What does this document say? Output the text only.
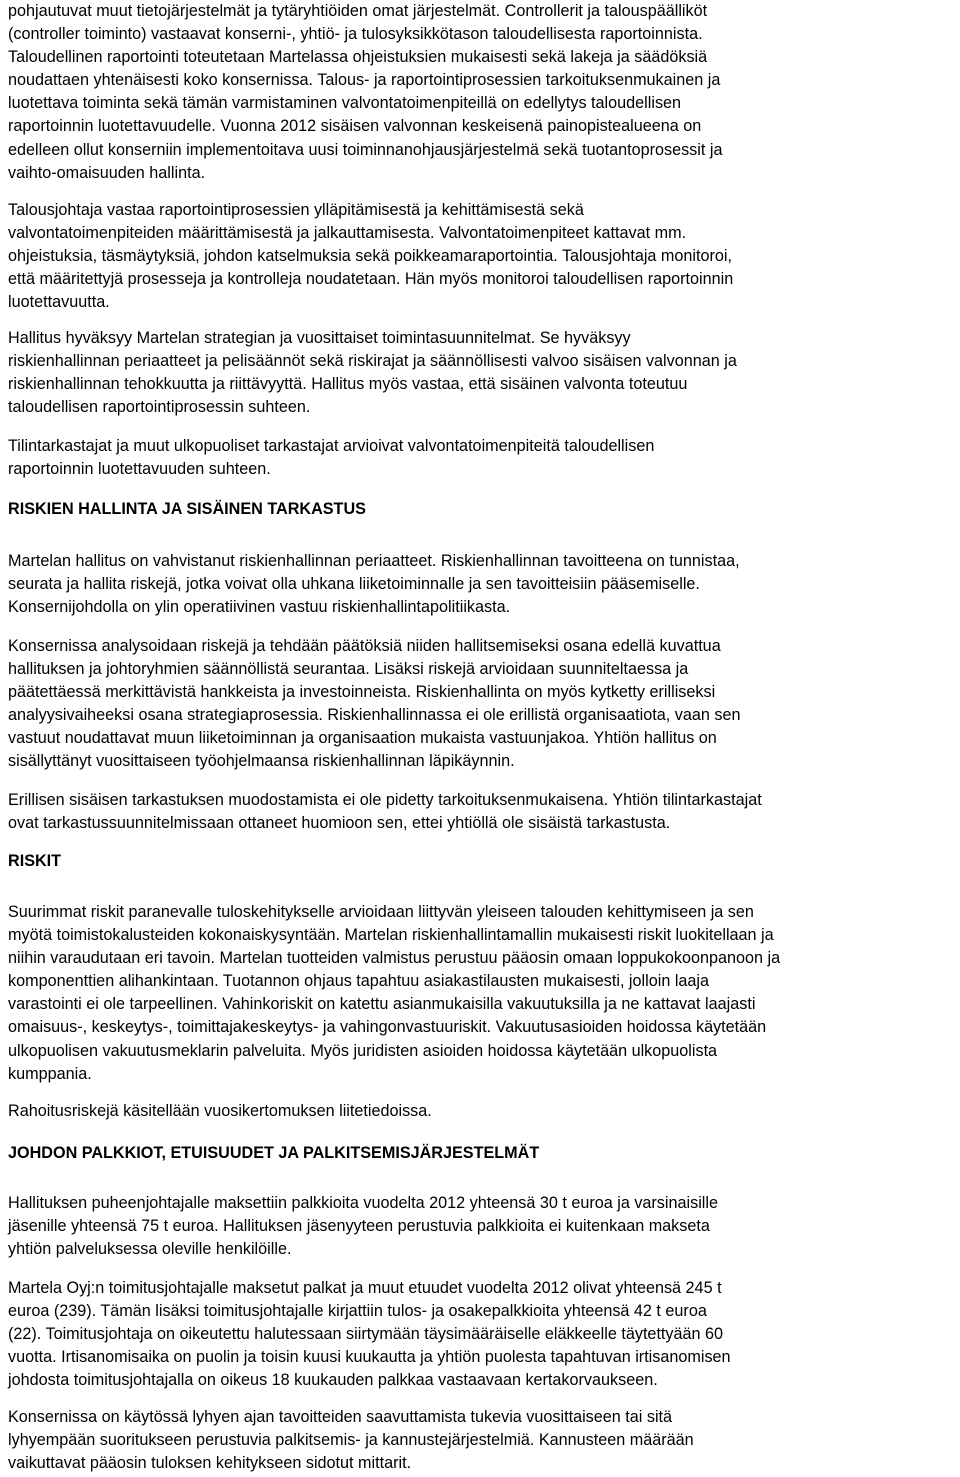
pohjautuvat muut tietojärjestelmät ja tytäryhtiöiden omat järjestelmät. Controllerit ja talouspäälliköt
(controller toiminto) vastaavat konserni-, yhtiö- ja tulosyksikkötason taloudellisesta raportoinnista.
Taloudellinen raportointi toteutetaan Martelassa ohjeistuksien mukaisesti sekä lakeja ja säädöksiä
noudattaen yhtenäisesti koko konsernissa. Talous- ja raportointiprosessien tarkoituksenmukainen ja
luotettava toiminta sekä tämän varmistaminen valvontatoimenpiteillä on edellytys taloudellisen
raportoinnin luotettavuudelle. Vuonna 2012 sisäisen valvonnan keskeisenä painopistealueena on
edelleen ollut konserniin implementoitava uusi toiminnanohjausjärjestelmä sekä tuotantoprosessit ja
vaihto-omaisuuden hallinta.
Talousjohtaja vastaa raportointiprosessien ylläpitämisestä ja kehittämisestä sekä
valvontatoimenpiteiden määrittämisestä ja jalkauttamisesta. Valvontatoimenpiteet kattavat mm.
ohjeistuksia, täsmäytyksiä, johdon katselmuksia sekä poikkeamaraportointia. Talousjohtaja monitoroi,
että määritettyjä prosesseja ja kontrolleja noudatetaan. Hän myös monitoroi taloudellisen raportoinnin
luotettavuutta.
Hallitus hyväksyy Martelan strategian ja vuosittaiset toimintasuunnitelmat. Se hyväksyy
riskienhallinnan periaatteet ja pelisäännöt sekä riskirajat ja säännöllisesti valvoo sisäisen valvonnan ja
riskienhallinnan tehokkuutta ja riittävyyttä. Hallitus myös vastaa, että sisäinen valvonta toteutuu
taloudellisen raportointiprosessin suhteen.
Tilintarkastajat ja muut ulkopuoliset tarkastajat arvioivat valvontatoimenpiteitä taloudellisen
raportoinnin luotettavuuden suhteen.
RISKIEN HALLINTA JA SISÄINEN TARKASTUS
Martelan hallitus on vahvistanut riskienhallinnan periaatteet. Riskienhallinnan tavoitteena on tunnistaa,
seurata ja hallita riskejä, jotka voivat olla uhkana liiketoiminnalle ja sen tavoitteisiin pääsemiselle.
Konsernijohdolla on ylin operatiivinen vastuu riskienhallintapolitiikasta.
Konsernissa analysoidaan riskejä ja tehdään päätöksiä niiden hallitsemiseksi osana edellä kuvattua
hallituksen ja johtoryhmien säännöllistä seurantaa. Lisäksi riskejä arvioidaan suunniteltaessa ja
päätettäessä merkittävistä hankkeista ja investoinneista. Riskienhallinta on myös kytketty erilliseksi
analyysivaiheeksi osana strategiaprosessia. Riskienhallinnassa ei ole erillistä organisaatiota, vaan sen
vastuut noudattavat muun liiketoiminnan ja organisaation mukaista vastuunjakoa. Yhtiön hallitus on
sisällyttänyt vuosittaiseen työohjelmaansa riskienhallinnan läpikäynnin.
Erillisen sisäisen tarkastuksen muodostamista ei ole pidetty tarkoituksenmukaisena. Yhtiön tilintarkastajat
ovat tarkastussuunnitelmissaan ottaneet huomioon sen, ettei yhtiöllä ole sisäistä tarkastusta.
RISKIT
Suurimmat riskit paranevalle tuloskehitykselle arvioidaan liittyvän yleiseen talouden kehittymiseen ja sen
myötä toimistokalusteiden kokonaiskysyntään. Martelan riskienhallintamallin mukaisesti riskit luokitellaan ja
niihin varaudutaan eri tavoin. Martelan tuotteiden valmistus perustuu pääosin omaan loppukokoonpanoon ja
komponenttien alihankintaan. Tuotannon ohjaus tapahtuu asiakastilausten mukaisesti, jolloin laaja
varastointi ei ole tarpeellinen. Vahinkoriskit on katettu asianmukaisilla vakuutuksilla ja ne kattavat laajasti
omaisuus-, keskeytys-, toimittajakeskeytys- ja vahingonvastuuriskit. Vakuutusasioiden hoidossa käytetään
ulkopuolisen vakuutusmeklarin palveluita. Myös juridisten asioiden hoidossa käytetään ulkopuolista
kumppania.
Rahoitusriskejä käsitellään vuosikertomuksen liitetiedoissa.
JOHDON PALKKIOT, ETUISUUDET JA PALKITSEMISJÄRJESTELMÄT
Hallituksen puheenjohtajalle maksettiin palkkioita vuodelta 2012 yhteensä 30 t euroa ja varsinaisille
jäsenille yhteensä 75 t euroa. Hallituksen jäsenyyteen perustuvia palkkioita ei kuitenkaan makseta
yhtiön palveluksessa oleville henkilöille.
Martela Oyj:n toimitusjohtajalle maksetut palkat ja muut etuudet vuodelta 2012 olivat yhteensä 245 t
euroa (239). Tämän lisäksi toimitusjohtajalle kirjattiin tulos- ja osakepalkkioita yhteensä 42 t euroa
(22). Toimitusjohtaja on oikeutettu halutessaan siirtymään täysimääräiselle eläkkeelle täytettyään 60
vuotta. Irtisanomisaika on puolin ja toisin kuusi kuukautta ja yhtiön puolesta tapahtuvan irtisanomisen
johdosta toimitusjohtajalla on oikeus 18 kuukauden palkkaa vastaavaan kertakorvaukseen.
Konsernissa on käytössä lyhyen ajan tavoitteiden saavuttamista tukevia vuosittaiseen tai sitä
lyhyempään suoritukseen perustuvia palkitsemis- ja kannustejärjestelmiä. Kannusteen määrään
vaikuttavat pääosin tuloksen kehitykseen sidotut mittarit.
